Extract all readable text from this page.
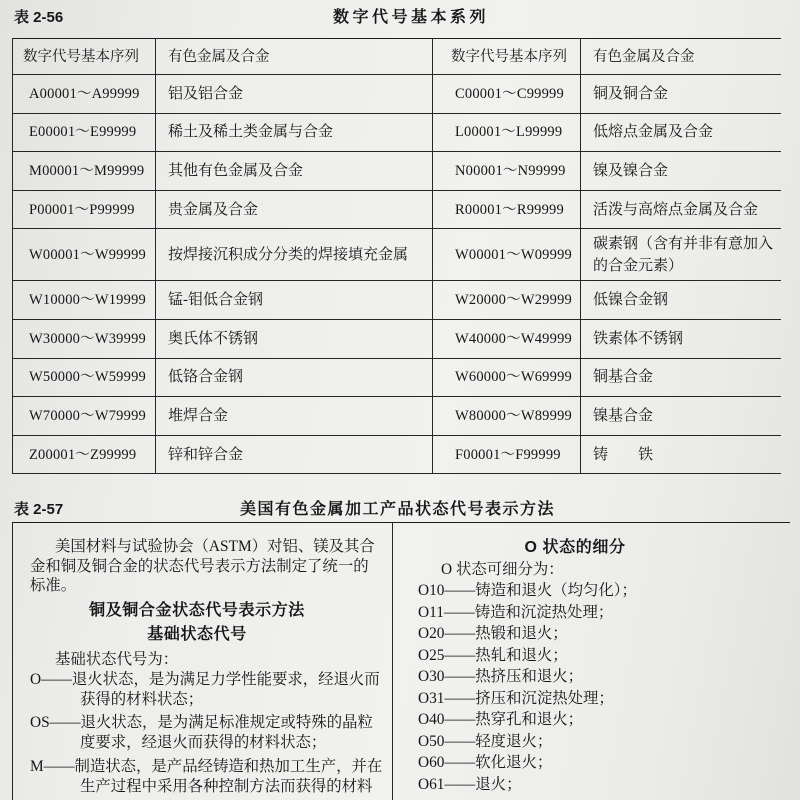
表 2-56	数字代号基本系列
数字代号基本序列	有色金属及合金	数字代号基本序列	有色金属及合金
A00001～A99999	铝及铝合金	C00001～C99999	铜及铜合金
E00001～E99999	稀土及稀土类金属与合金	L00001～L99999	低熔点金属及合金
M00001～M99999	其他有色金属及合金	N00001～N99999	镍及镍合金
P00001～P99999	贵金属及合金	R00001～R99999	活泼与高熔点金属及合金
W00001～W99999	按焊接沉积成分分类的焊接填充金属	W00001～W09999	碳素钢（含有并非有意加入
的合金元素）
W10000～W19999	锰-钼低合金钢	W20000～W29999	低镍合金钢
W30000～W39999	奥氏体不锈钢	W40000～W49999	铁素体不锈钢
W50000～W59999	低铬合金钢	W60000～W69999	铜基合金
W70000～W79999	堆焊合金	W80000～W89999	镍基合金
Z00001～Z99999	锌和锌合金	F00001～F99999	铸　　铁
表 2-57	美国有色金属加工产品状态代号表示方法

美国材料与试验协会（ASTM）对铝、镁及其合
金和铜及铜合金的状态代号表示方法制定了统一的
标准。

铜及铜合金状态代号表示方法
基础状态代号

基础状态代号为：

O——退火状态，是为满足力学性能要求，经退火而
获得的材料状态；

OS——退火状态，是为满足标准规定或特殊的晶粒
度要求，经退火而获得的材料状态；

M——制造状态，是产品经铸造和热加工生产，并在
生产过程中采用各种控制方法而获得的材料

O 状态的细分

O 状态可细分为：

O10——铸造和退火（均匀化）；

O11——铸造和沉淀热处理；

O20——热锻和退火；

O25——热轧和退火；

O30——热挤压和退火；

O31——挤压和沉淀热处理；

O40——热穿孔和退火；

O50——轻度退火；

O60——软化退火；

O61——退火；
